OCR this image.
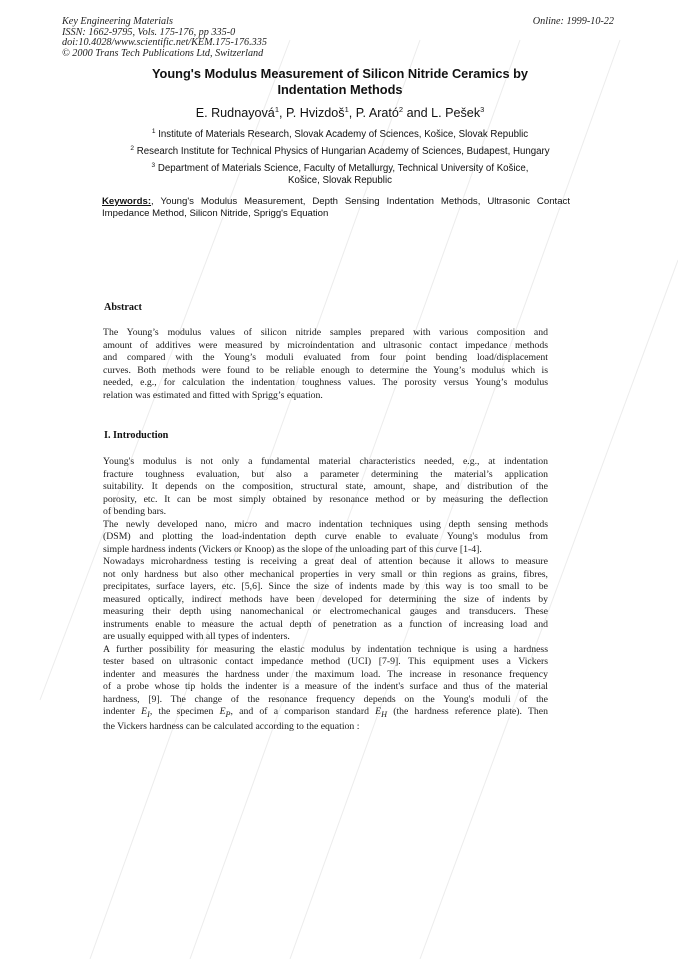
Key Engineering Materials
ISSN: 1662-9795, Vols. 175-176, pp 335-0
doi:10.4028/www.scientific.net/KEM.175-176.335
© 2000 Trans Tech Publications Ltd, Switzerland
Online: 1999-10-22
Young's Modulus Measurement of Silicon Nitride Ceramics by
Indentation Methods
E. Rudnayová$^1$, P. Hvizdoš$^1$, P. Arató$^2$ and L. Pešek$^3$
$^1$ Institute of Materials Research, Slovak Academy of Sciences, Košice, Slovak Republic
$^2$ Research Institute for Technical Physics of Hungarian Academy of Sciences, Budapest, Hungary
$^3$ Department of Materials Science, Faculty of Metallurgy, Technical University of Košice,
Košice, Slovak Republic
Keywords:, Young's Modulus Measurement, Depth Sensing Indentation Methods, Ultrasonic Contact Impedance Method, Silicon Nitride, Sprigg's Equation
Abstract
The Young’s modulus values of silicon nitride samples prepared with various composition and
amount of additives were measured by microindentation and ultrasonic contact impedance methods
and compared with the Young’s moduli evaluated from four point bending load/displacement
curves. Both methods were found to be reliable enough to determine the Young’s modulus which is
needed, e.g., for calculation the indentation toughness values. The porosity versus Young’s modulus
relation was estimated and fitted with Sprigg’s equation.
I. Introduction
Young's modulus is not only a fundamental material characteristics needed, e.g., at indentation
fracture toughness evaluation, but also a parameter determining the material’s application
suitability. It depends on the composition, structural state, amount, shape, and distribution of the
porosity, etc. It can be most simply obtained by resonance method or by measuring the deflection
of bending bars.
The newly developed nano, micro and macro indentation techniques using depth sensing methods
(DSM) and plotting the load-indentation depth curve enable to evaluate Young's modulus from
simple hardness indents (Vickers or Knoop) as the slope of the unloading part of this curve [1-4].
Nowadays microhardness testing is receiving a great deal of attention because it allows to measure
not only hardness but also other mechanical properties in very small or thin regions as grains, fibres,
precipitates, surface layers, etc. [5,6]. Since the size of indents made by this way is too small to be
measured optically, indirect methods have been developed for determining the size of indents by
measuring their depth using nanomechanical or electromechanical gauges and transducers. These
instruments enable to measure the actual depth of penetration as a function of increasing load and
are usually equipped with all types of indenters.
A further possibility for measuring the elastic modulus by indentation technique is using a hardness
tester based on ultrasonic contact impedance method (UCI) [7-9]. This equipment uses a Vickers
indenter and measures the hardness under the maximum load. The increase in resonance frequency
of a probe whose tip holds the indenter is a measure of the indent's surface and thus of the material
hardness, [9]. The change of the resonance frequency depends on the Young's moduli of the
indenter $E_I$, the specimen $E_P$, and of a comparison standard $E_H$ (the hardness reference plate). Then
the Vickers hardness can be calculated according to the equation :
